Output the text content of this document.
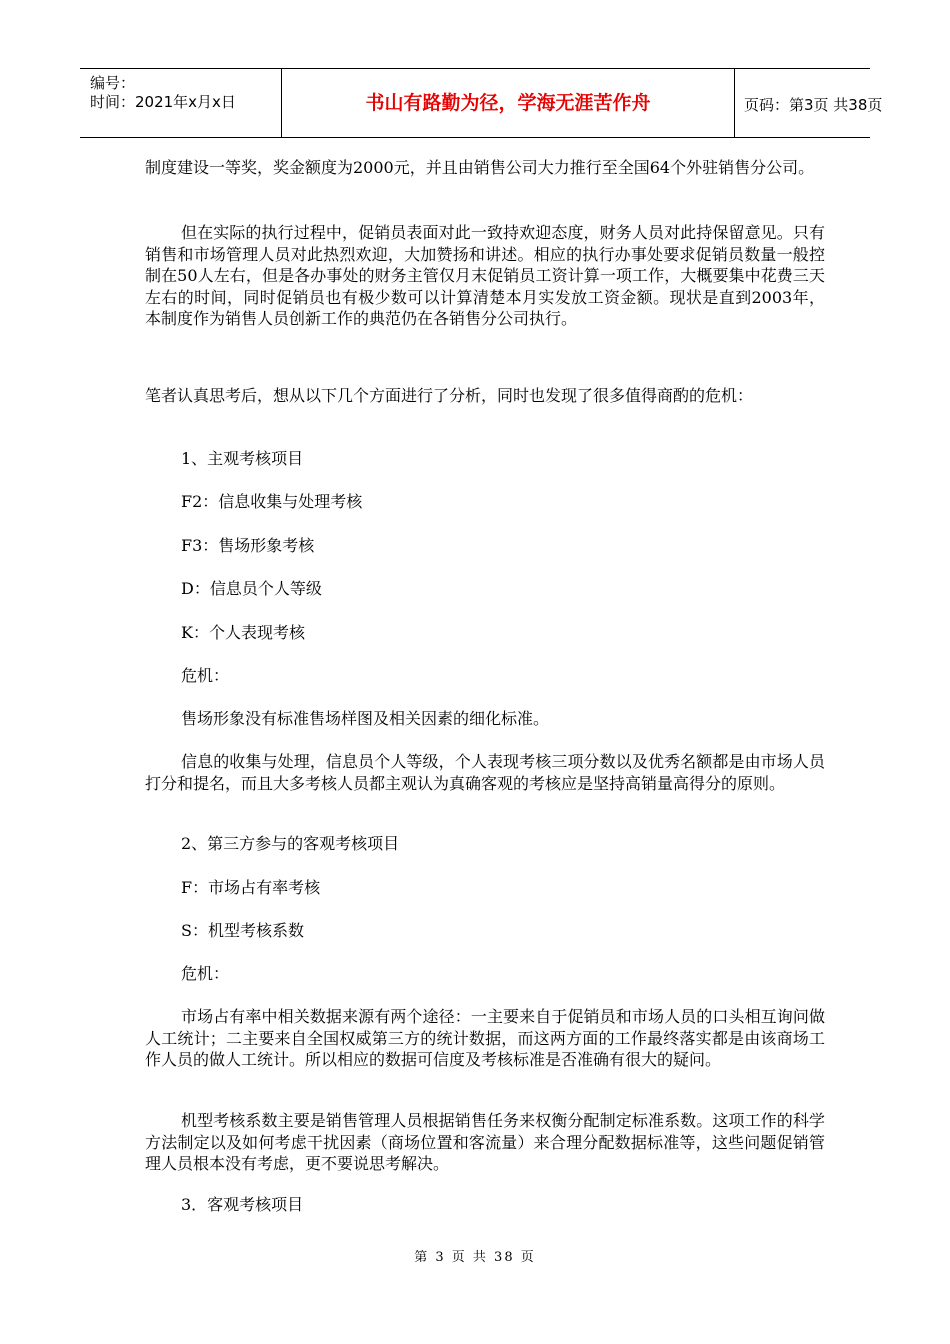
编号：
时间：2021年x月x日	书山有路勤为径，学海无涯苦作舟	页码：第3页 共38页

制度建设一等奖，奖金额度为2000元，并且由销售公司大力推行至全国64个外驻销售分公司。

但在实际的执行过程中，促销员表面对此一致持欢迎态度，财务人员对此持保留意见。只有销售和市场管理人员对此热烈欢迎，大加赞扬和讲述。相应的执行办事处要求促销员数量一般控制在50人左右，但是各办事处的财务主管仅月末促销员工资计算一项工作，大概要集中花费三天左右的时间，同时促销员也有极少数可以计算清楚本月实发放工资金额。现状是直到2003年，本制度作为销售人员创新工作的典范仍在各销售分公司执行。

笔者认真思考后，想从以下几个方面进行了分析，同时也发现了很多值得商酌的危机：

1、主观考核项目

F2：信息收集与处理考核

F3：售场形象考核

D：信息员个人等级

K：个人表现考核

危机：

售场形象没有标准售场样图及相关因素的细化标准。

信息的收集与处理，信息员个人等级，个人表现考核三项分数以及优秀名额都是由市场人员打分和提名，而且大多考核人员都主观认为真确客观的考核应是坚持高销量高得分的原则。

2、第三方参与的客观考核项目

F：市场占有率考核

S：机型考核系数

危机：

市场占有率中相关数据来源有两个途径：一主要来自于促销员和市场人员的口头相互询问做人工统计；二主要来自全国权威第三方的统计数据，而这两方面的工作最终落实都是由该商场工作人员的做人工统计。所以相应的数据可信度及考核标准是否准确有很大的疑问。

机型考核系数主要是销售管理人员根据销售任务来权衡分配制定标准系数。这项工作的科学方法制定以及如何考虑干扰因素（商场位置和客流量）来合理分配数据标准等，这些问题促销管理人员根本没有考虑，更不要说思考解决。

3．客观考核项目

第 3 页 共 38 页
